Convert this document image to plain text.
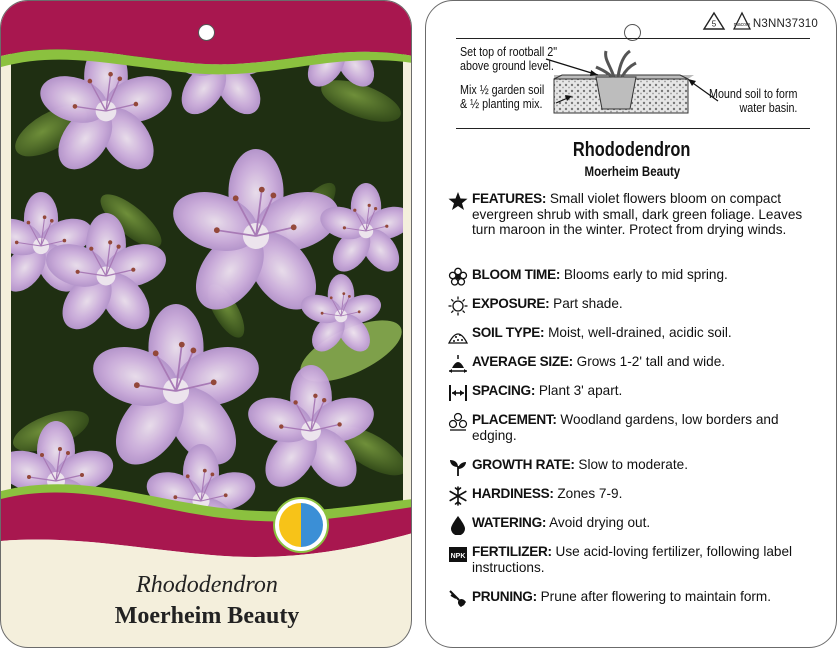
Rhododendron
Moerheim Beauty
5	macore N3NN37310
Set top of rootball 2"
above ground level.
Mix ½ garden soil
& ½ planting mix.
Mound soil to form
water basin.
Rhododendron
Moerheim Beauty
FEATURES: Small violet flowers bloom on compact evergreen shrub with small, dark green foliage. Leaves turn maroon in the winter. Protect from drying winds.
BLOOM TIME: Blooms early to mid spring.
EXPOSURE: Part shade.
SOIL TYPE: Moist, well-drained, acidic soil.
AVERAGE SIZE: Grows 1-2' tall and wide.
SPACING: Plant 3' apart.
PLACEMENT: Woodland gardens, low borders and edging.
GROWTH RATE: Slow to moderate.
HARDINESS: Zones 7-9.
WATERING: Avoid drying out.
NPK FERTILIZER: Use acid-loving fertilizer, following label instructions.
PRUNING: Prune after flowering to maintain form.
